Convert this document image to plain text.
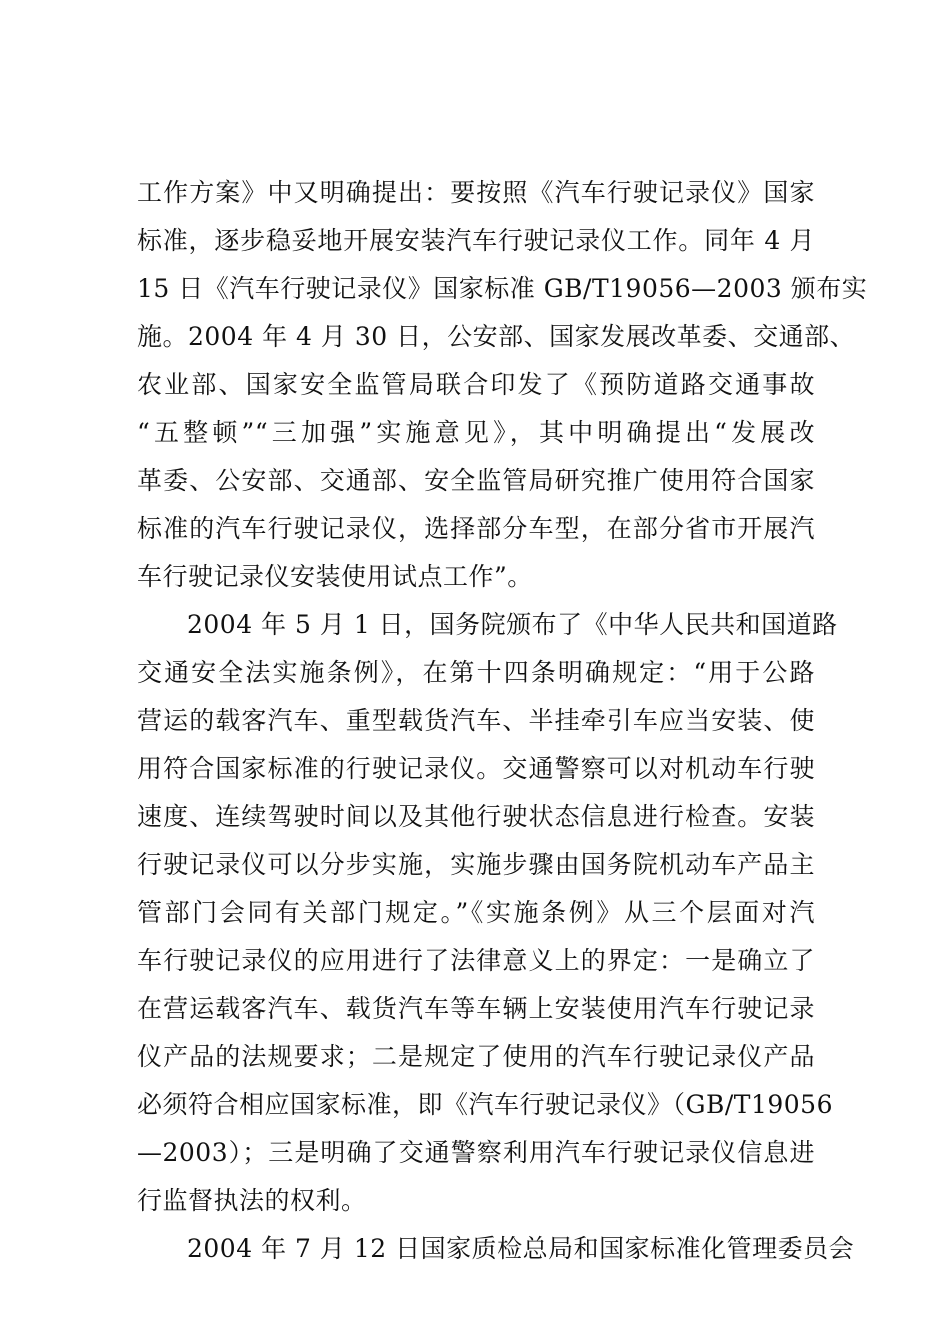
工作方案》中又明确提出：要按照《汽车行驶记录仪》国家
标准，逐步稳妥地开展安装汽车行驶记录仪工作。同年 4 月
15 日《汽车行驶记录仪》国家标准 GB/T19056—2003 颁布实
施。2004 年 4 月 30 日，公安部、国家发展改革委、交通部、
农业部、国家安全监管局联合印发了《预防道路交通事故
“五整顿”“三加强”实施意见》，其中明确提出“发展改
革委、公安部、交通部、安全监管局研究推广使用符合国家
标准的汽车行驶记录仪，选择部分车型，在部分省市开展汽
车行驶记录仪安装使用试点工作”。
2004 年 5 月 1 日，国务院颁布了《中华人民共和国道路
交通安全法实施条例》，在第十四条明确规定：“用于公路
营运的载客汽车、重型载货汽车、半挂牵引车应当安装、使
用符合国家标准的行驶记录仪。交通警察可以对机动车行驶
速度、连续驾驶时间以及其他行驶状态信息进行检查。安装
行驶记录仪可以分步实施，实施步骤由国务院机动车产品主
管部门会同有关部门规定。”《实施条例》从三个层面对汽
车行驶记录仪的应用进行了法律意义上的界定：一是确立了
在营运载客汽车、载货汽车等车辆上安装使用汽车行驶记录
仪产品的法规要求；二是规定了使用的汽车行驶记录仪产品
必须符合相应国家标准，即《汽车行驶记录仪》（GB/T19056
—2003）；三是明确了交通警察利用汽车行驶记录仪信息进
行监督执法的权利。
2004 年 7 月 12 日国家质检总局和国家标准化管理委员会
